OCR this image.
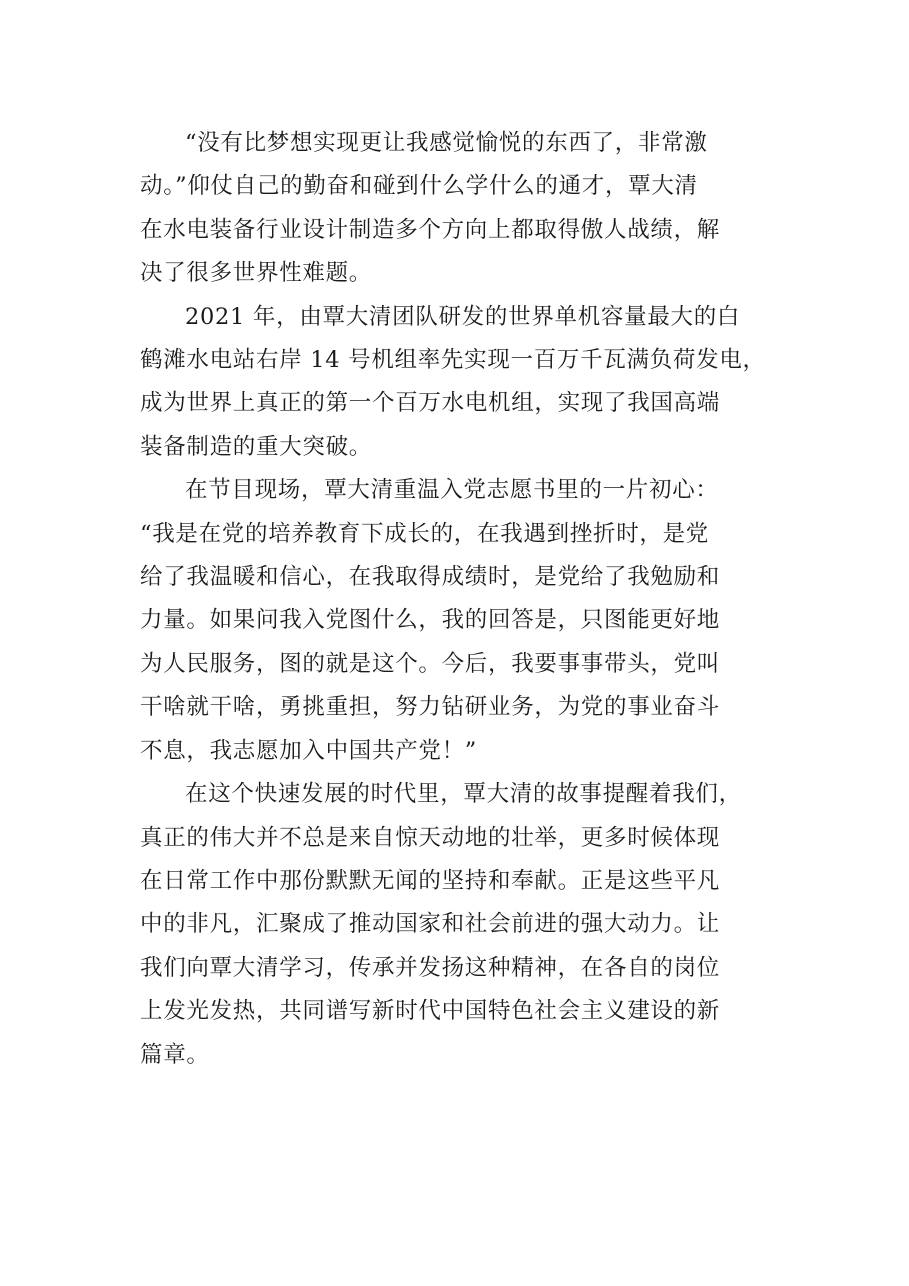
“没有比梦想实现更让我感觉愉悦的东西了，非常激
动。”仰仗自己的勤奋和碰到什么学什么的通才，覃大清
在水电装备行业设计制造多个方向上都取得傲人战绩，解
决了很多世界性难题。

2021 年，由覃大清团队研发的世界单机容量最大的白
鹤滩水电站右岸 14 号机组率先实现一百万千瓦满负荷发电，
成为世界上真正的第一个百万水电机组，实现了我国高端
装备制造的重大突破。

在节目现场，覃大清重温入党志愿书里的一片初心：
“我是在党的培养教育下成长的，在我遇到挫折时，是党
给了我温暖和信心，在我取得成绩时，是党给了我勉励和
力量。如果问我入党图什么，我的回答是，只图能更好地
为人民服务，图的就是这个。今后，我要事事带头，党叫
干啥就干啥，勇挑重担，努力钻研业务，为党的事业奋斗
不息，我志愿加入中国共产党！”

在这个快速发展的时代里，覃大清的故事提醒着我们，
真正的伟大并不总是来自惊天动地的壮举，更多时候体现
在日常工作中那份默默无闻的坚持和奉献。正是这些平凡
中的非凡，汇聚成了推动国家和社会前进的强大动力。让
我们向覃大清学习，传承并发扬这种精神，在各自的岗位
上发光发热，共同谱写新时代中国特色社会主义建设的新
篇章。
